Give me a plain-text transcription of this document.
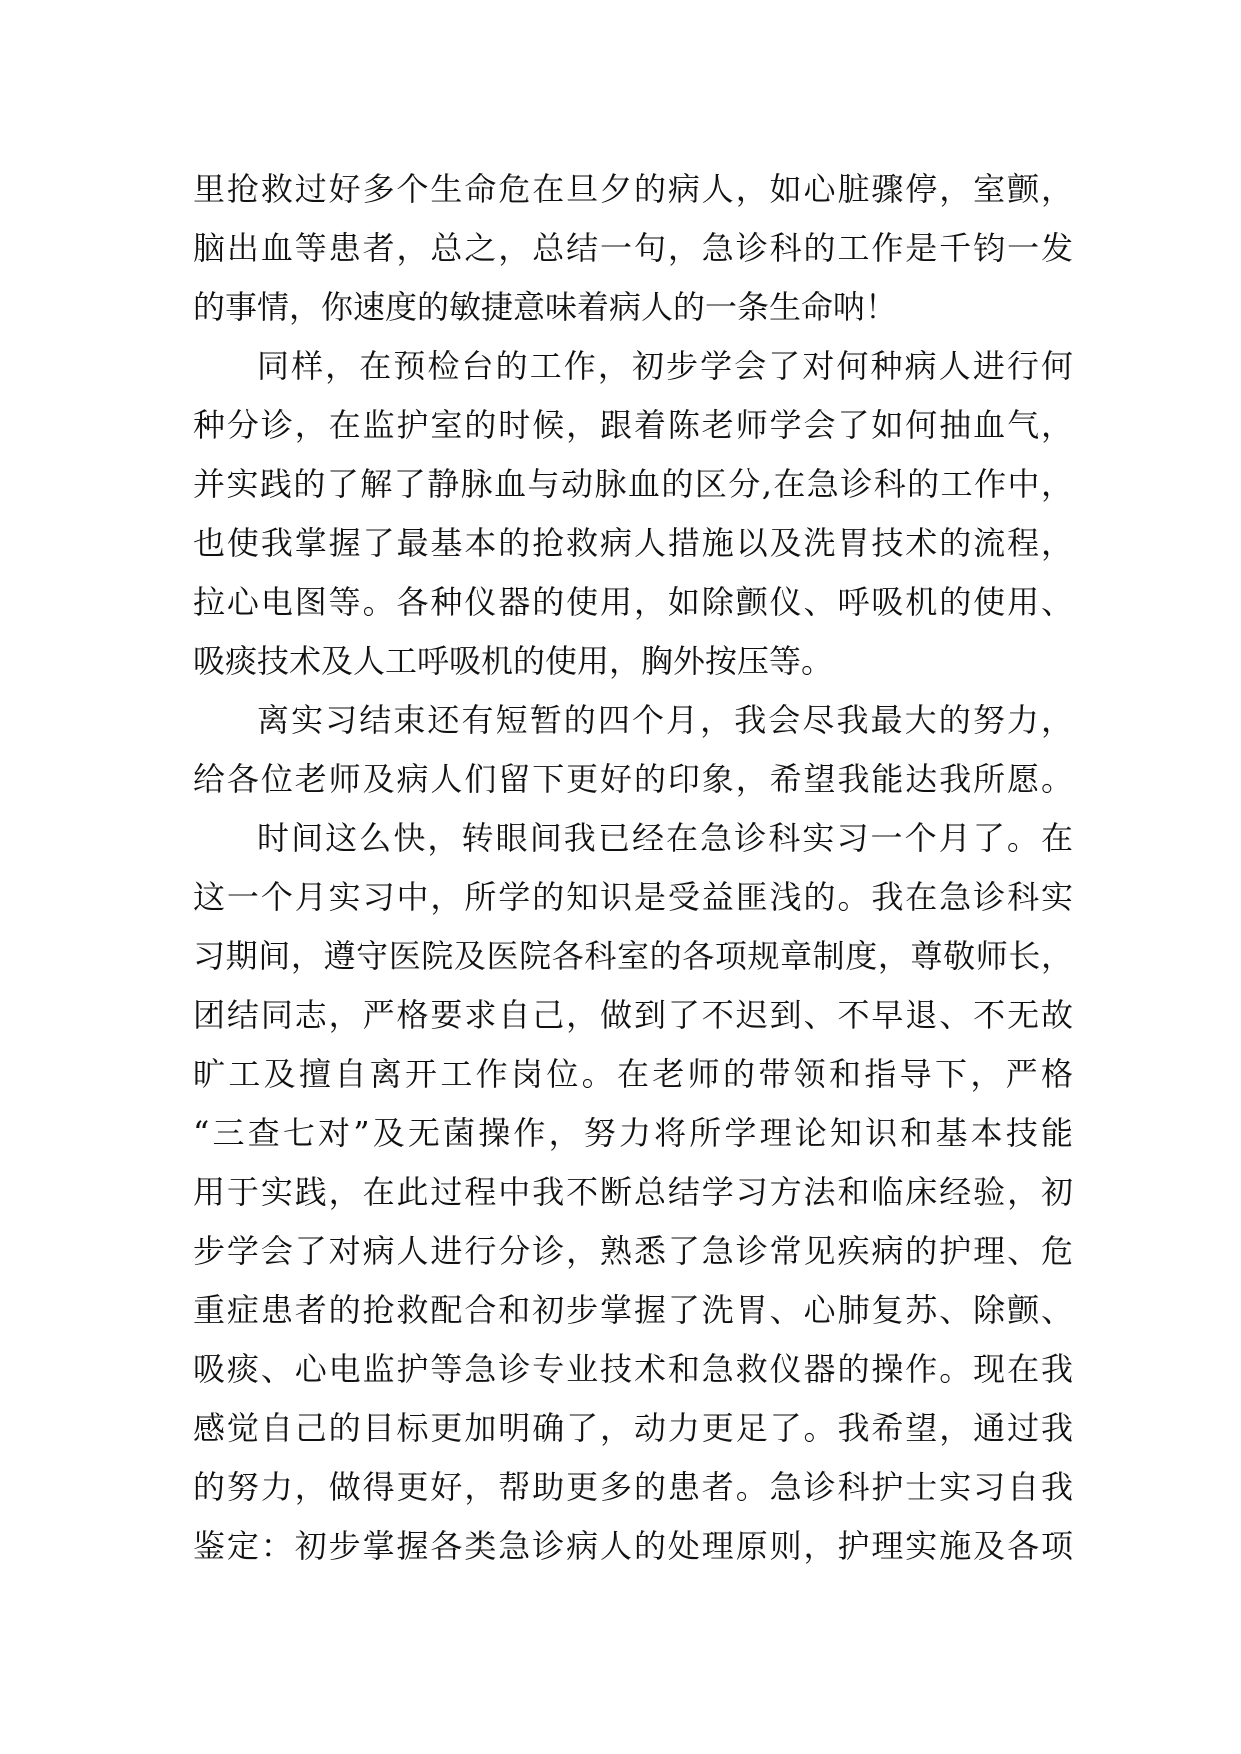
里抢救过好多个生命危在旦夕的病人，如心脏骤停，室颤，
脑出血等患者，总之，总结一句，急诊科的工作是千钧一发
的事情，你速度的敏捷意味着病人的一条生命呐！
同样，在预检台的工作，初步学会了对何种病人进行何
种分诊，在监护室的时候，跟着陈老师学会了如何抽血气，
并实践的了解了静脉血与动脉血的区分,在急诊科的工作中，
也使我掌握了最基本的抢救病人措施以及洗胃技术的流程，
拉心电图等。各种仪器的使用，如除颤仪、呼吸机的使用、
吸痰技术及人工呼吸机的使用，胸外按压等。
离实习结束还有短暂的四个月，我会尽我最大的努力，
给各位老师及病人们留下更好的印象，希望我能达我所愿。
时间这么快，转眼间我已经在急诊科实习一个月了。在
这一个月实习中，所学的知识是受益匪浅的。我在急诊科实
习期间，遵守医院及医院各科室的各项规章制度，尊敬师长，
团结同志，严格要求自己，做到了不迟到、不早退、不无故
旷工及擅自离开工作岗位。在老师的带领和指导下，严格
“三查七对”及无菌操作，努力将所学理论知识和基本技能
用于实践，在此过程中我不断总结学习方法和临床经验，初
步学会了对病人进行分诊，熟悉了急诊常见疾病的护理、危
重症患者的抢救配合和初步掌握了洗胃、心肺复苏、除颤、
吸痰、心电监护等急诊专业技术和急救仪器的操作。现在我
感觉自己的目标更加明确了，动力更足了。我希望，通过我
的努力，做得更好，帮助更多的患者。急诊科护士实习自我
鉴定：初步掌握各类急诊病人的处理原则，护理实施及各项
